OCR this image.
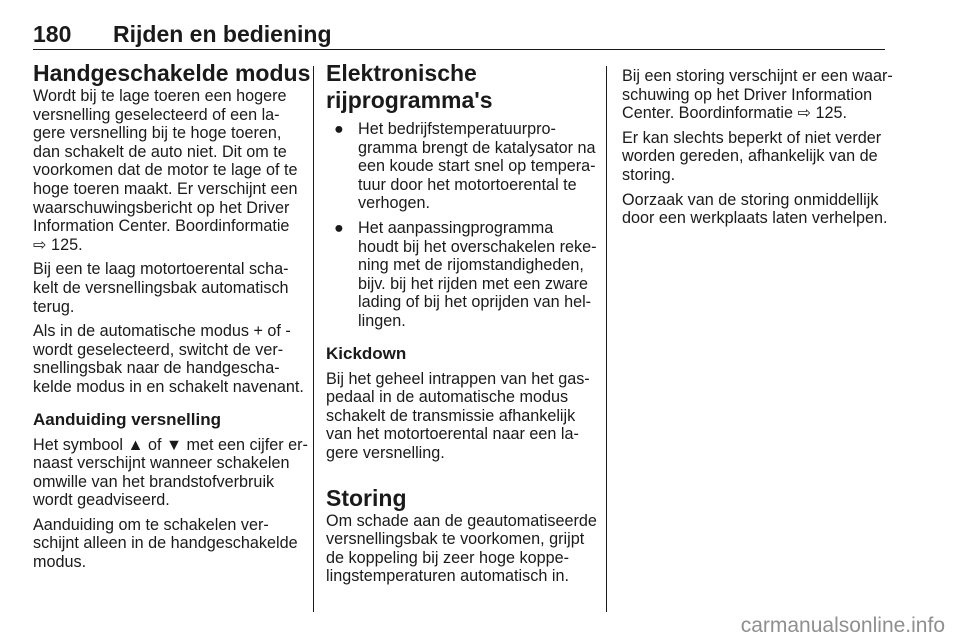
180 Rijden en bediening
Handgeschakelde modus
Wordt bij te lage toeren een hogere
versnelling geselecteerd of een la-
gere versnelling bij te hoge toeren,
dan schakelt de auto niet. Dit om te
voorkomen dat de motor te lage of te
hoge toeren maakt. Er verschijnt een
waarschuwingsbericht op het Driver
Information Center. Boordinformatie
⇨ 125.
Bij een te laag motortoerental scha-
kelt de versnellingsbak automatisch
terug.
Als in de automatische modus + of -
wordt geselecteerd, switcht de ver-
snellingsbak naar de handgescha-
kelde modus in en schakelt navenant.
Aanduiding versnelling
Het symbool ▲ of ▼ met een cijfer er-
naast verschijnt wanneer schakelen
omwille van het brandstofverbruik
wordt geadviseerd.
Aanduiding om te schakelen ver-
schijnt alleen in de handgeschakelde
modus.
Elektronische
rijprogramma's
● Het bedrijfstemperatuurpro-
gramma brengt de katalysator na
een koude start snel op tempera-
tuur door het motortoerental te
verhogen.
● Het aanpassingprogramma
houdt bij het overschakelen reke-
ning met de rijomstandigheden,
bijv. bij het rijden met een zware
lading of bij het oprijden van hel-
lingen.
Kickdown
Bij het geheel intrappen van het gas-
pedaal in de automatische modus
schakelt de transmissie afhankelijk
van het motortoerental naar een la-
gere versnelling.
Storing
Om schade aan de geautomatiseerde
versnellingsbak te voorkomen, grijpt
de koppeling bij zeer hoge koppe-
lingstemperaturen automatisch in.
Bij een storing verschijnt er een waar-
schuwing op het Driver Information
Center. Boordinformatie ⇨ 125.
Er kan slechts beperkt of niet verder
worden gereden, afhankelijk van de
storing.
Oorzaak van de storing onmiddellijk
door een werkplaats laten verhelpen.
carmanualsonline.info
